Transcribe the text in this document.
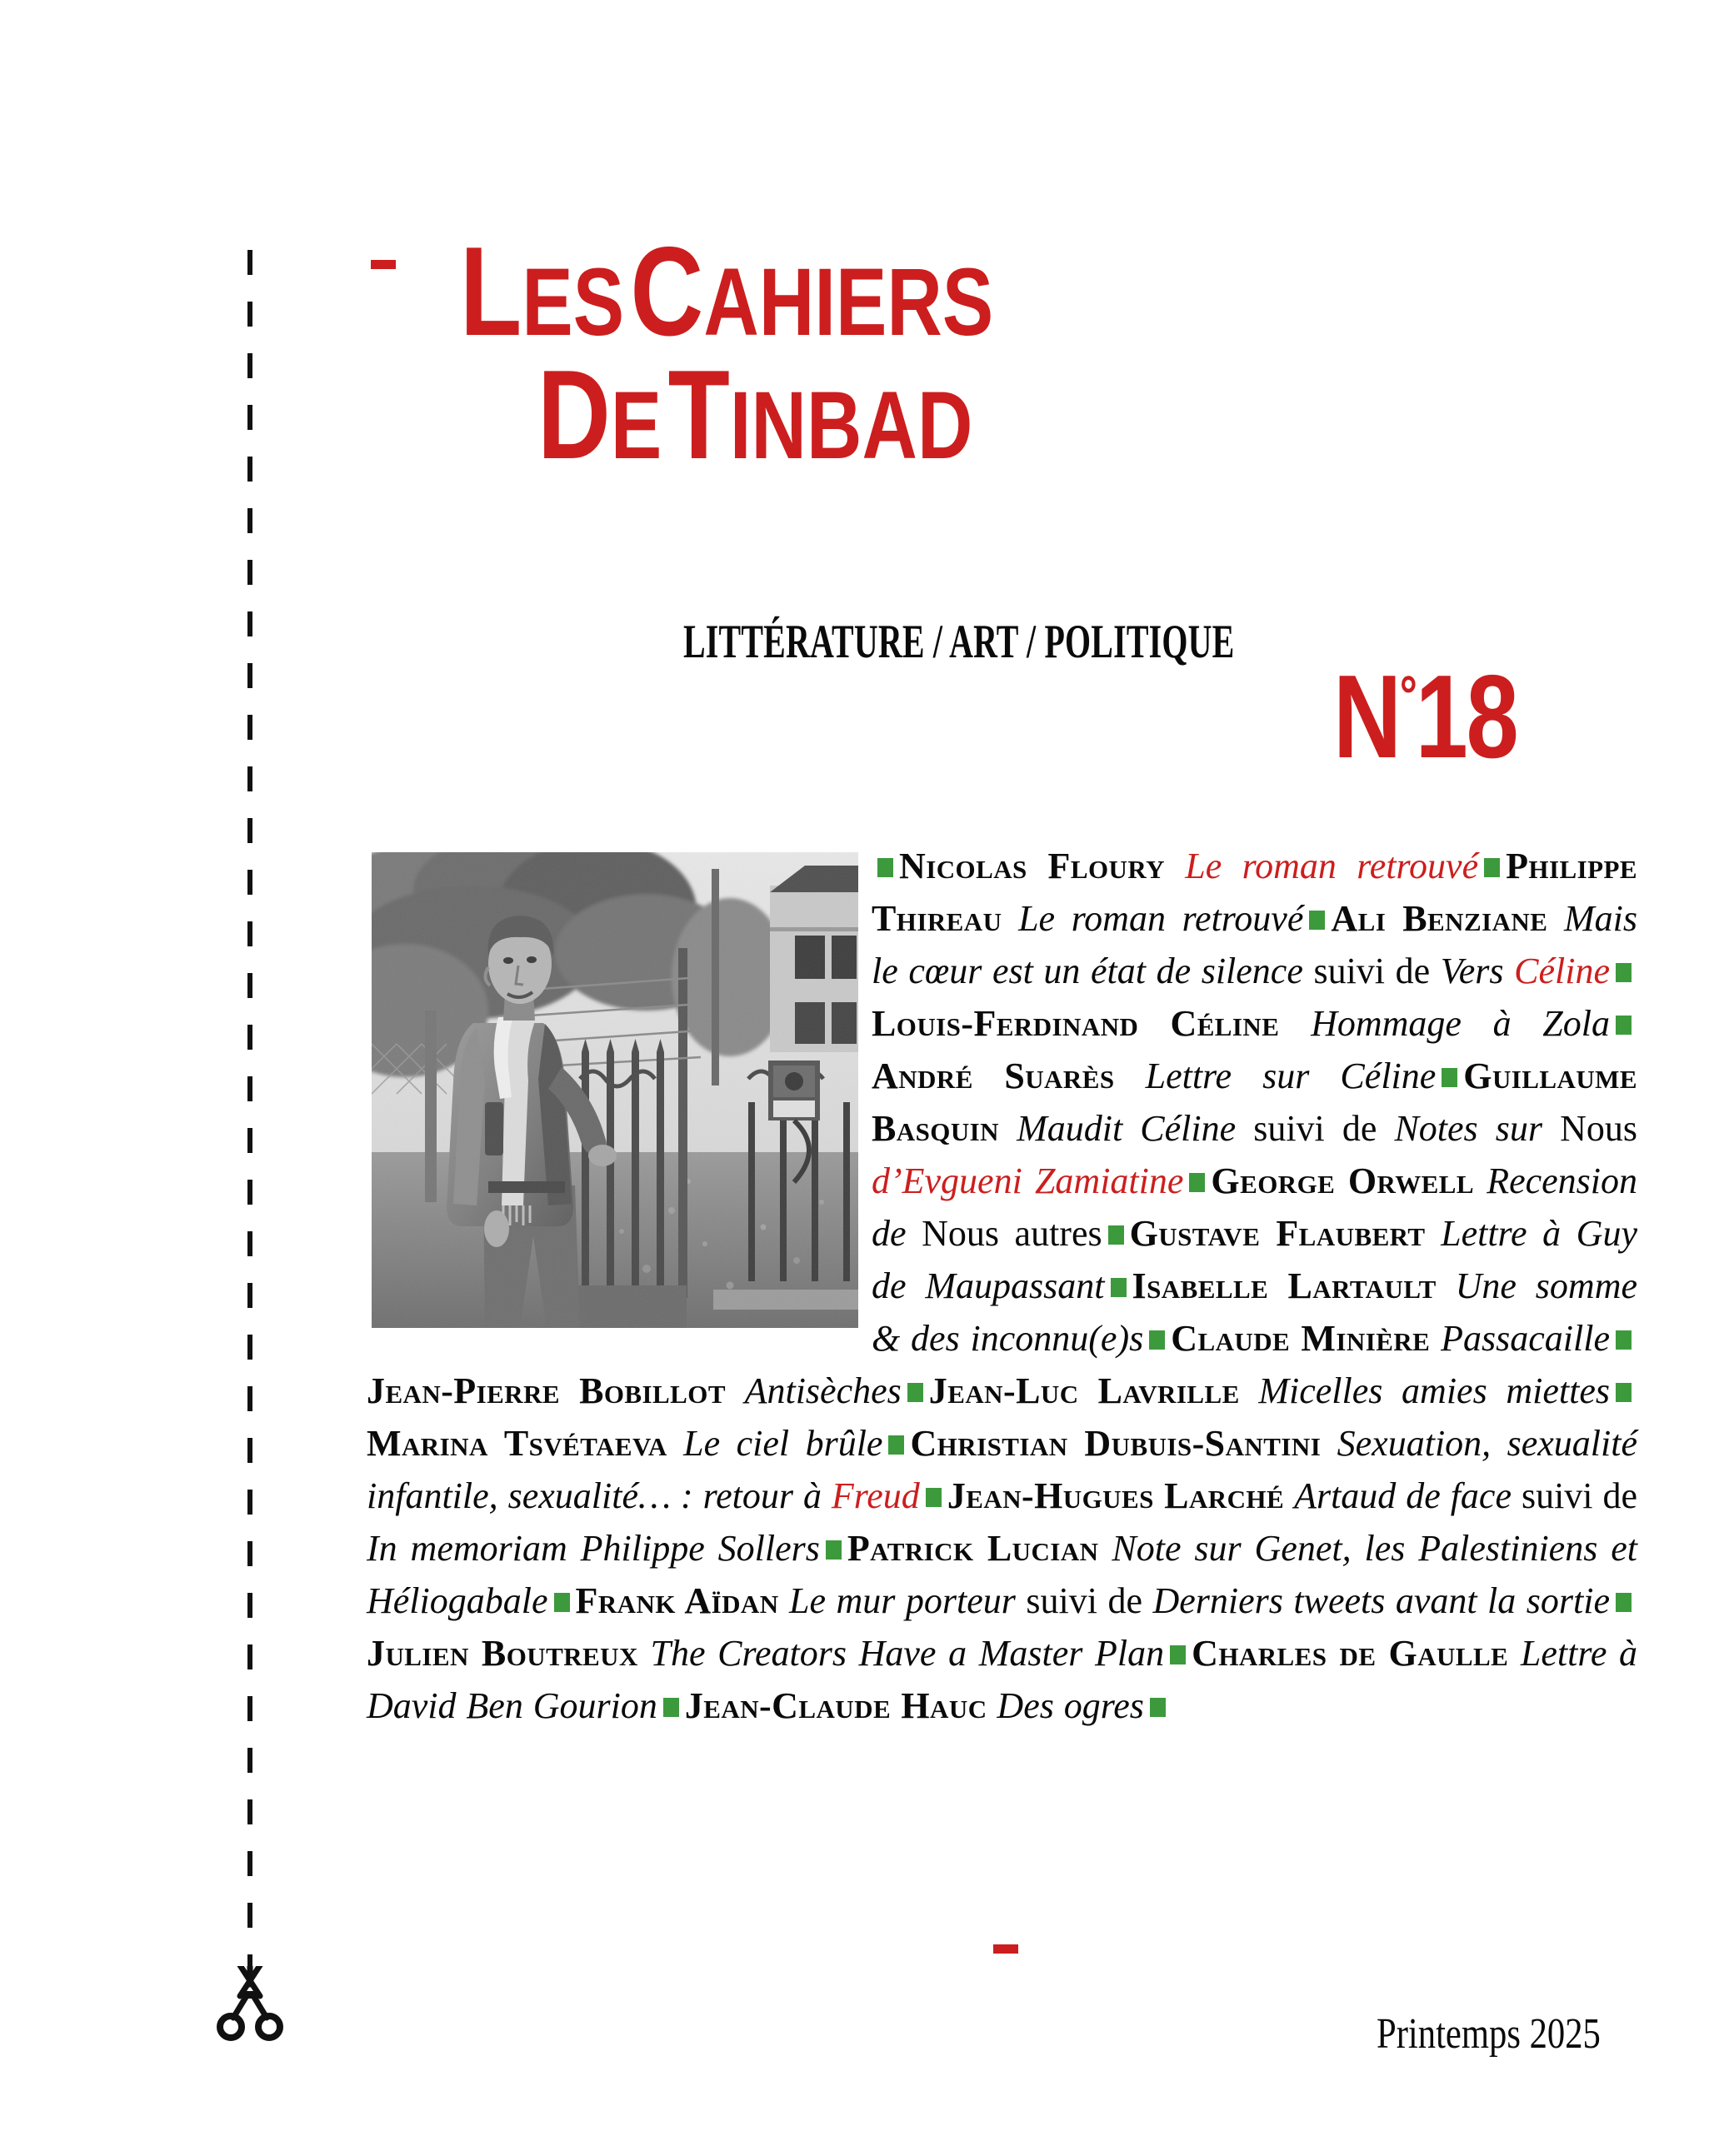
LES  CAHIERS
DE  TINBAD
LITTÉRATURE / ART / POLITIQUE
N°18
Nicolas Floury Le roman retrouvé Philippe Thireau Le roman retrouvé Ali Benziane Mais le cœur est un état de silence suivi de Vers CélineLouis-Ferdinand Céline Hommage à ZolaAndré Suarès Lettre sur Céline Guillaume Basquin Maudit Céline suivi de Notes sur Nous d’Evgueni Zamiatine George Orwell Recension de Nous autres Gustave Flaubert Lettre à Guy de Maupassant Isabelle Lartault Une somme & des inconnu(e)s Claude Minière PassacailleJean-Pierre Bobillot Antisèches Jean-Luc Lavrille Micelles amies miettesMarina Tsvétaeva Le ciel brûle Christian Dubuis-Santini Sexuation, sexualité infantile, sexualité… : retour à Freud Jean-Hugues Larché Artaud de face suivi de In memoriam Philippe Sollers Patrick Lucian Note sur Genet, les Palestiniens et Héliogabale Frank Aïdan Le mur porteur suivi de Derniers tweets avant la sortieJulien Boutreux The Creators Have a Master Plan Charles de Gaulle Lettre à David Ben Gourion Jean-Claude Hauc Des ogres
Printemps 2025
